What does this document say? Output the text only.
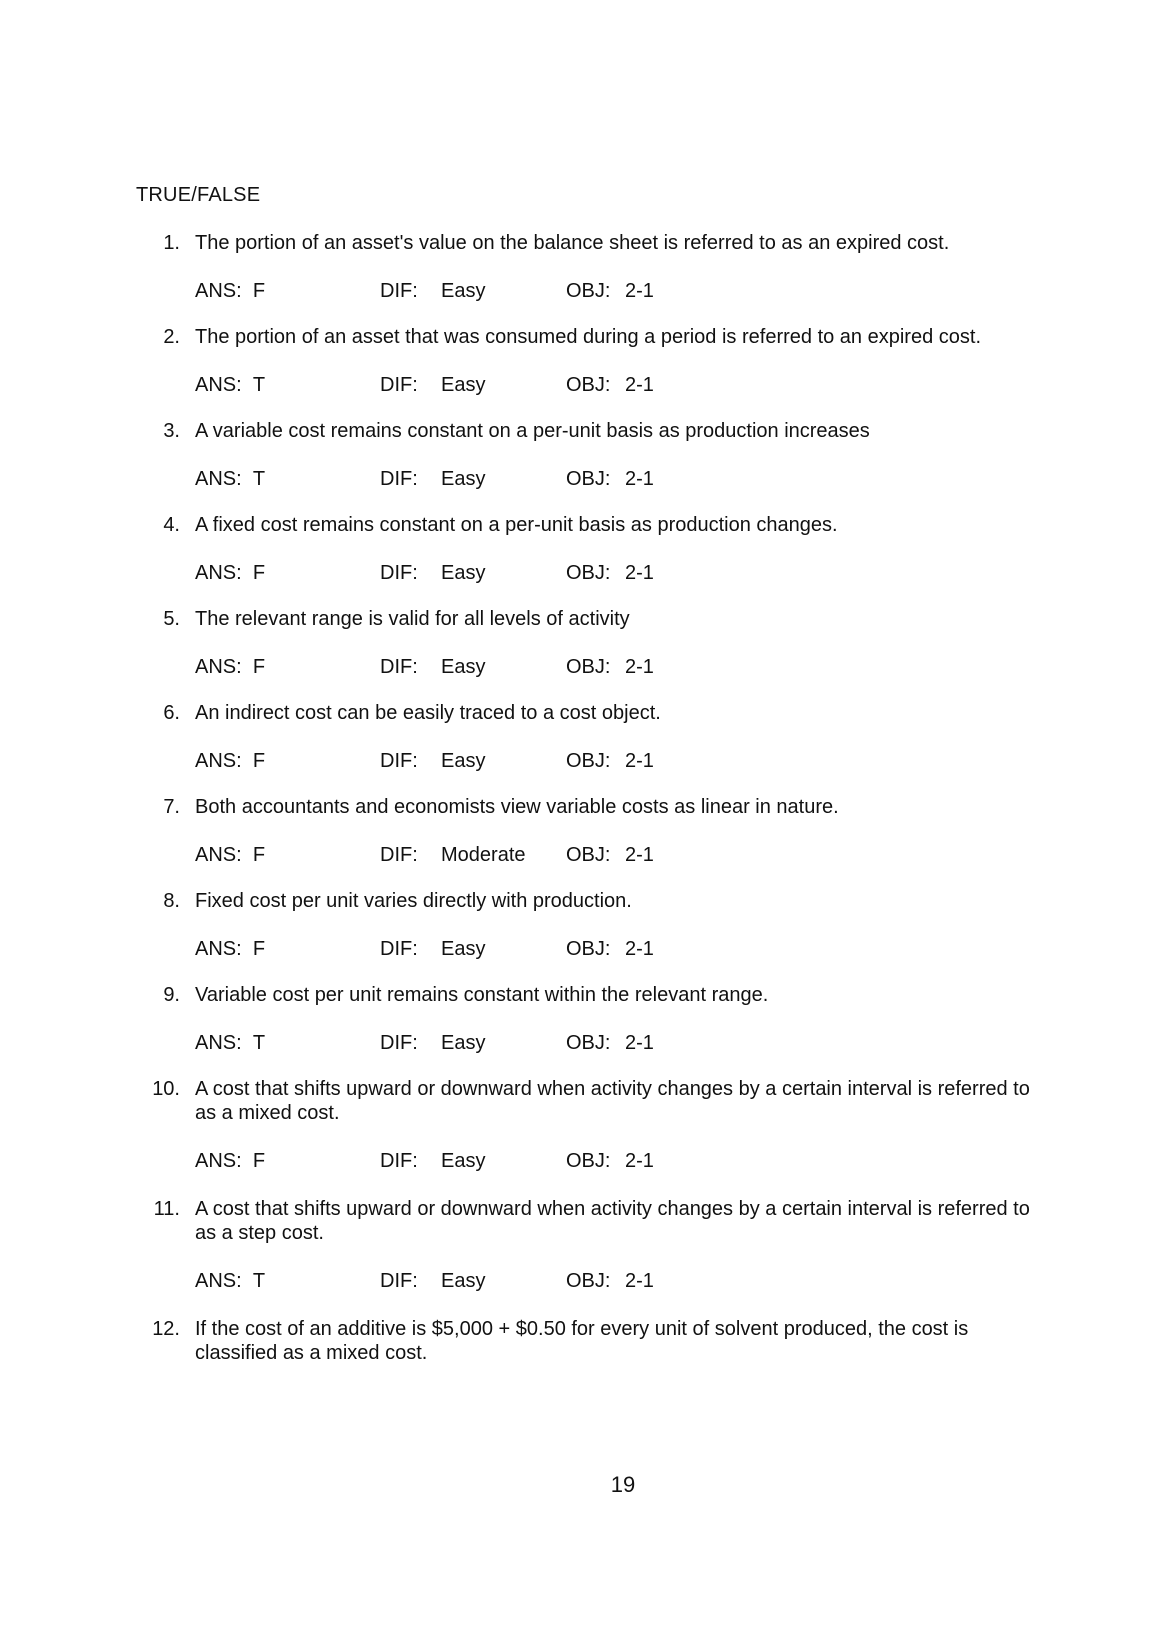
TRUE/FALSE
1. The portion of an asset's value on the balance sheet is referred to as an expired cost.
ANS: F	DIF: Easy	OBJ: 2-1
2. The portion of an asset that was consumed during a period is referred to an expired cost.
ANS: T	DIF: Easy	OBJ: 2-1
3. A variable cost remains constant on a per-unit basis as production increases
ANS: T	DIF: Easy	OBJ: 2-1
4. A fixed cost remains constant on a per-unit basis as production changes.
ANS: F	DIF: Easy	OBJ: 2-1
5. The relevant range is valid for all levels of activity
ANS: F	DIF: Easy	OBJ: 2-1
6. An indirect cost can be easily traced to a cost object.
ANS: F	DIF: Easy	OBJ: 2-1
7. Both accountants and economists view variable costs as linear in nature.
ANS: F	DIF: Moderate OBJ: 2-1
8. Fixed cost per unit varies directly with production.
ANS: F	DIF: Easy	OBJ: 2-1
9. Variable cost per unit remains constant within the relevant range.
ANS: T	DIF: Easy	OBJ: 2-1
10. A cost that shifts upward or downward when activity changes by a certain interval is referred to as a mixed cost.
ANS: F	DIF: Easy	OBJ: 2-1
11. A cost that shifts upward or downward when activity changes by a certain interval is referred to as a step cost.
ANS: T	DIF: Easy	OBJ: 2-1
12. If the cost of an additive is $5,000 + $0.50 for every unit of solvent produced, the cost is classified as a mixed cost.
19
